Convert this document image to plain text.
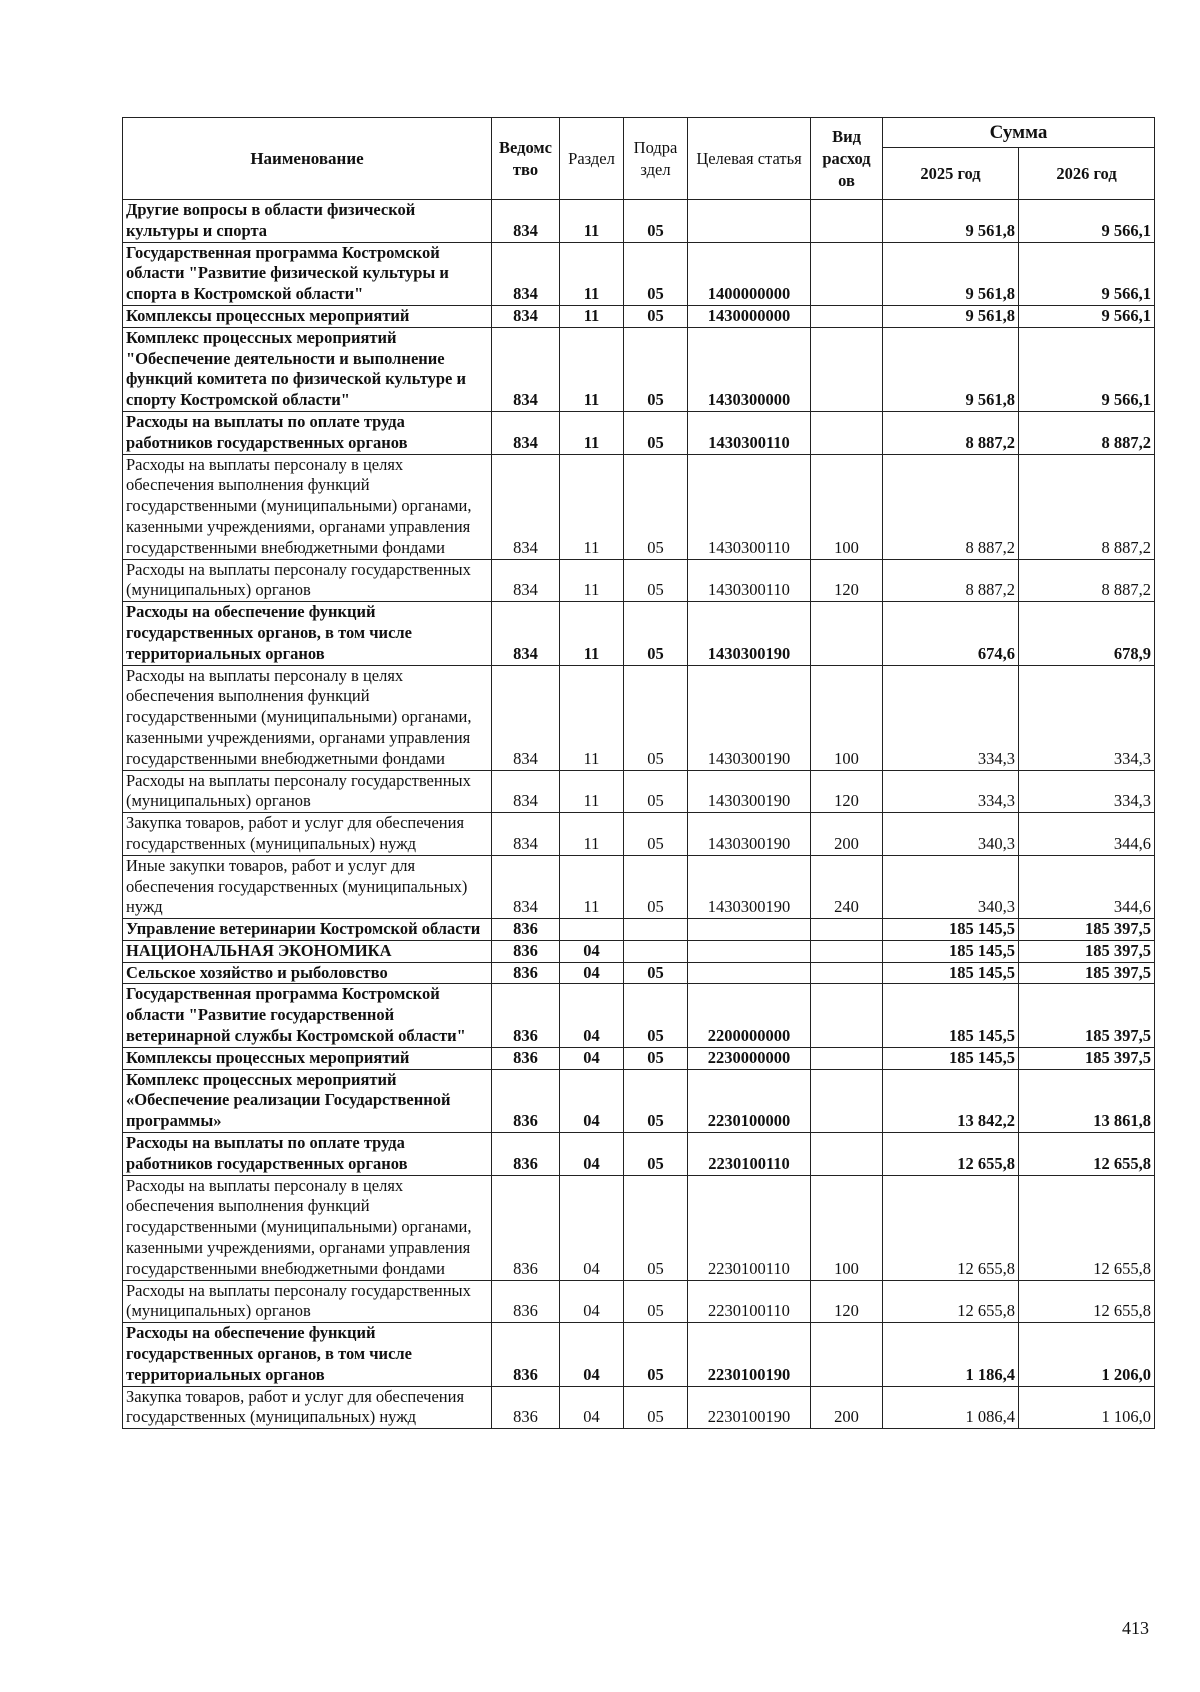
Наименование	Ведомс тво	Раздел	Подра здел	Целевая статья	Вид расход ов	Сумма	
						2025 год	2026 год
Другие вопросы в области физической культуры и спорта	834	11	05			9 561,8	9 566,1
Государственная программа Костромской области "Развитие физической культуры и спорта в Костромской области"	834	11	05	1400000000		9 561,8	9 566,1
Комплексы процессных мероприятий	834	11	05	1430000000		9 561,8	9 566,1
Комплекс процессных мероприятий "Обеспечение деятельности и выполнение функций комитета по физической культуре и спорту Костромской области"	834	11	05	1430300000		9 561,8	9 566,1
Расходы на выплаты по оплате труда работников государственных органов	834	11	05	1430300110		8 887,2	8 887,2
Расходы на выплаты персоналу в целях обеспечения выполнения функций государственными (муниципальными) органами, казенными учреждениями, органами управления государственными внебюджетными фондами	834	11	05	1430300110	100	8 887,2	8 887,2
Расходы на выплаты персоналу государственных (муниципальных) органов	834	11	05	1430300110	120	8 887,2	8 887,2
Расходы на обеспечение функций государственных органов, в том числе территориальных органов	834	11	05	1430300190		674,6	678,9
Расходы на выплаты персоналу в целях обеспечения выполнения функций государственными (муниципальными) органами, казенными учреждениями, органами управления государственными внебюджетными фондами	834	11	05	1430300190	100	334,3	334,3
Расходы на выплаты персоналу государственных (муниципальных) органов	834	11	05	1430300190	120	334,3	334,3
Закупка товаров, работ и услуг для обеспечения государственных (муниципальных) нужд	834	11	05	1430300190	200	340,3	344,6
Иные закупки товаров, работ и услуг для обеспечения государственных (муниципальных) нужд	834	11	05	1430300190	240	340,3	344,6
Управление ветеринарии Костромской области	836					185 145,5	185 397,5
НАЦИОНАЛЬНАЯ ЭКОНОМИКА	836	04				185 145,5	185 397,5
Сельское хозяйство и рыболовство	836	04	05			185 145,5	185 397,5
Государственная программа Костромской области "Развитие государственной ветеринарной службы Костромской области"	836	04	05	2200000000		185 145,5	185 397,5
Комплексы процессных мероприятий	836	04	05	2230000000		185 145,5	185 397,5
Комплекс процессных мероприятий «Обеспечение реализации Государственной программы»	836	04	05	2230100000		13 842,2	13 861,8
Расходы на выплаты по оплате труда работников государственных органов	836	04	05	2230100110		12 655,8	12 655,8
Расходы на выплаты персоналу в целях обеспечения выполнения функций государственными (муниципальными) органами, казенными учреждениями, органами управления государственными внебюджетными фондами	836	04	05	2230100110	100	12 655,8	12 655,8
Расходы на выплаты персоналу государственных (муниципальных) органов	836	04	05	2230100110	120	12 655,8	12 655,8
Расходы на обеспечение функций государственных органов, в том числе территориальных органов	836	04	05	2230100190		1 186,4	1 206,0
Закупка товаров, работ и услуг для обеспечения государственных (муниципальных) нужд	836	04	05	2230100190	200	1 086,4	1 106,0
413
